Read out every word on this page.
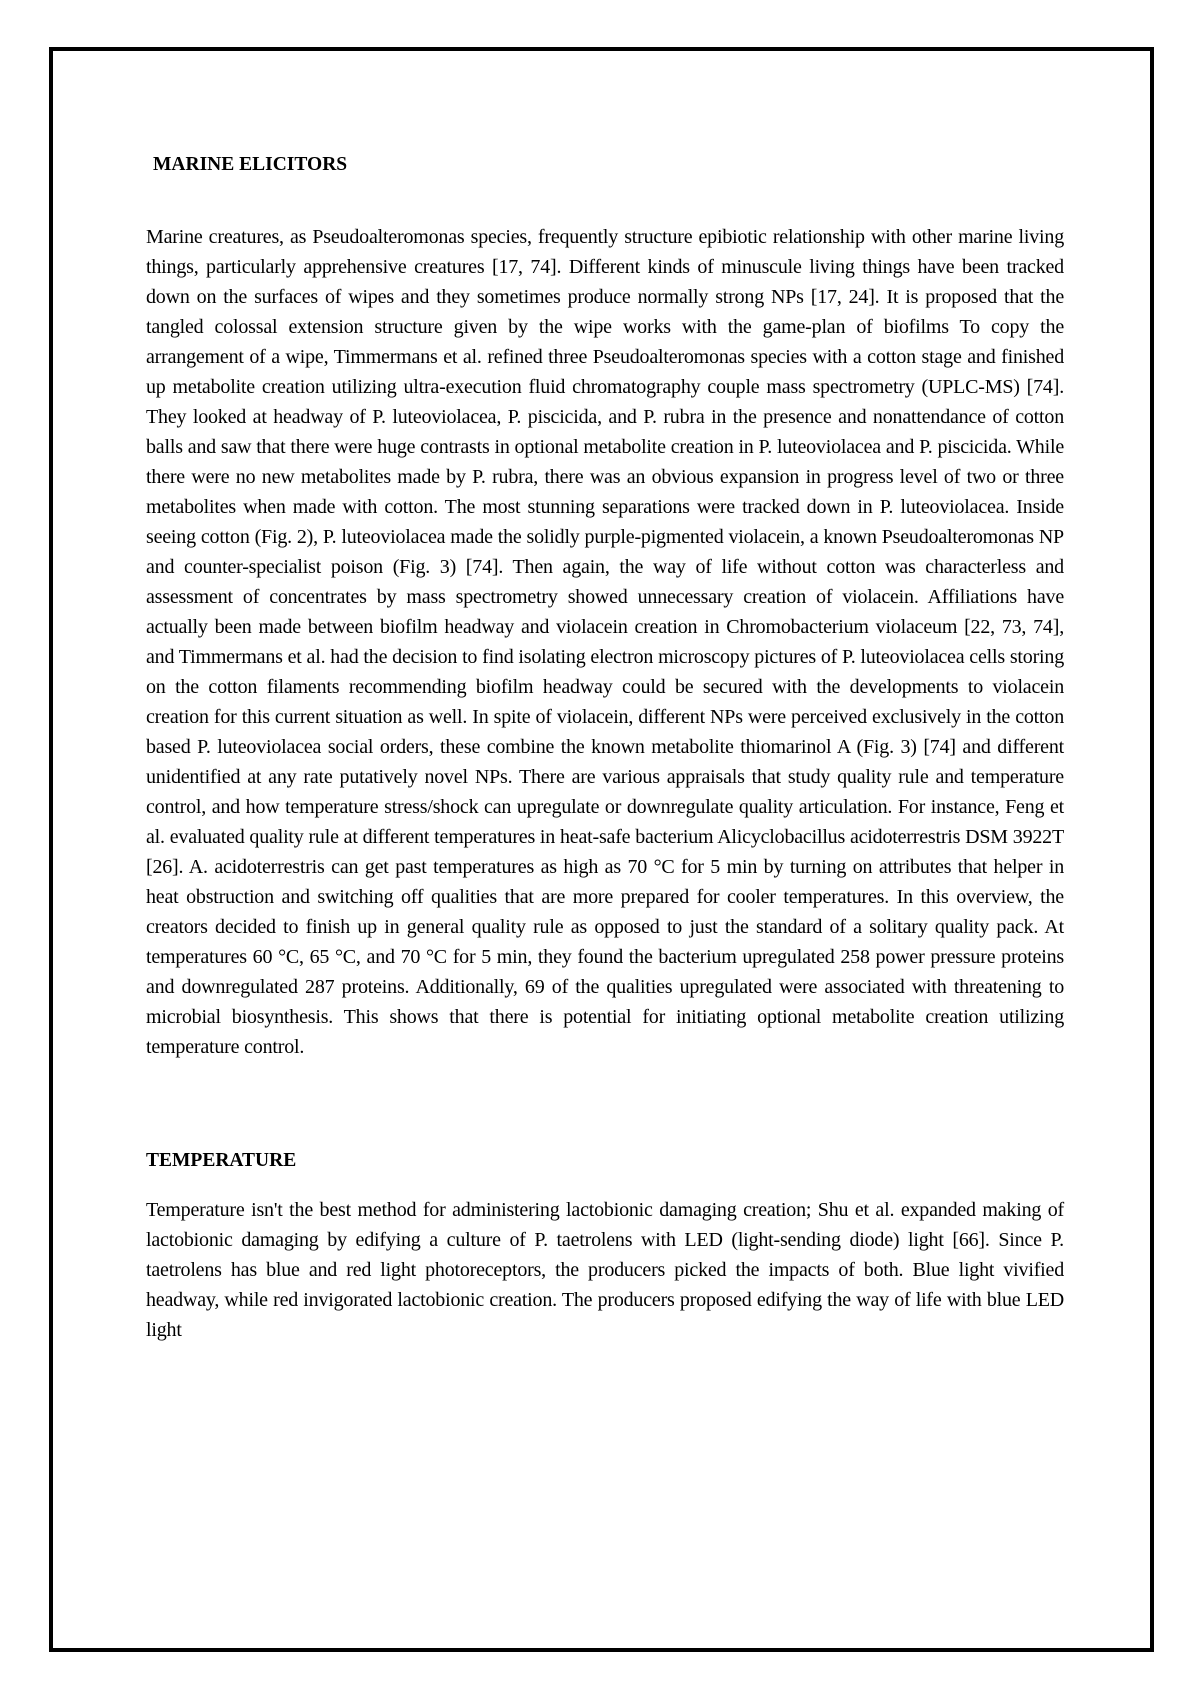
MARINE ELICITORS

Marine creatures, as Pseudoalteromonas species, frequently structure epibiotic relationship with other marine living things, particularly apprehensive creatures [17, 74]. Different kinds of minuscule living things have been tracked down on the surfaces of wipes and they sometimes produce normally strong NPs [17, 24]. It is proposed that the tangled colossal extension structure given by the wipe works with the game-plan of biofilms To copy the arrangement of a wipe, Timmermans et al. refined three Pseudoalteromonas species with a cotton stage and finished up metabolite creation utilizing ultra-execution fluid chromatography couple mass spectrometry (UPLC-MS) [74]. They looked at headway of P. luteoviolacea, P. piscicida, and P. rubra in the presence and nonattendance of cotton balls and saw that there were huge contrasts in optional metabolite creation in P. luteoviolacea and P. piscicida. While there were no new metabolites made by P. rubra, there was an obvious expansion in progress level of two or three metabolites when made with cotton. The most stunning separations were tracked down in P. luteoviolacea. Inside seeing cotton (Fig. 2), P. luteoviolacea made the solidly purple-pigmented violacein, a known Pseudoalteromonas NP and counter-specialist poison (Fig. 3) [74]. Then again, the way of life without cotton was characterless and assessment of concentrates by mass spectrometry showed unnecessary creation of violacein. Affiliations have actually been made between biofilm headway and violacein creation in Chromobacterium violaceum [22, 73, 74], and Timmermans et al. had the decision to find isolating electron microscopy pictures of P. luteoviolacea cells storing on the cotton filaments recommending biofilm headway could be secured with the developments to violacein creation for this current situation as well. In spite of violacein, different NPs were perceived exclusively in the cotton based P. luteoviolacea social orders, these combine the known metabolite thiomarinol A (Fig. 3) [74] and different unidentified at any rate putatively novel NPs. There are various appraisals that study quality rule and temperature control, and how temperature stress/shock can upregulate or downregulate quality articulation. For instance, Feng et al. evaluated quality rule at different temperatures in heat-safe bacterium Alicyclobacillus acidoterrestris DSM 3922T [26]. A. acidoterrestris can get past temperatures as high as 70 °C for 5 min by turning on attributes that helper in heat obstruction and switching off qualities that are more prepared for cooler temperatures. In this overview, the creators decided to finish up in general quality rule as opposed to just the standard of a solitary quality pack. At temperatures 60 °C, 65 °C, and 70 °C for 5 min, they found the bacterium upregulated 258 power pressure proteins and downregulated 287 proteins. Additionally, 69 of the qualities upregulated were associated with threatening to microbial biosynthesis. This shows that there is potential for initiating optional metabolite creation utilizing temperature control.

TEMPERATURE

Temperature isn't the best method for administering lactobionic damaging creation; Shu et al. expanded making of lactobionic damaging by edifying a culture of P. taetrolens with LED (light-sending diode) light [66]. Since P. taetrolens has blue and red light photoreceptors, the producers picked the impacts of both. Blue light vivified headway, while red invigorated lactobionic creation. The producers proposed edifying the way of life with blue LED light
